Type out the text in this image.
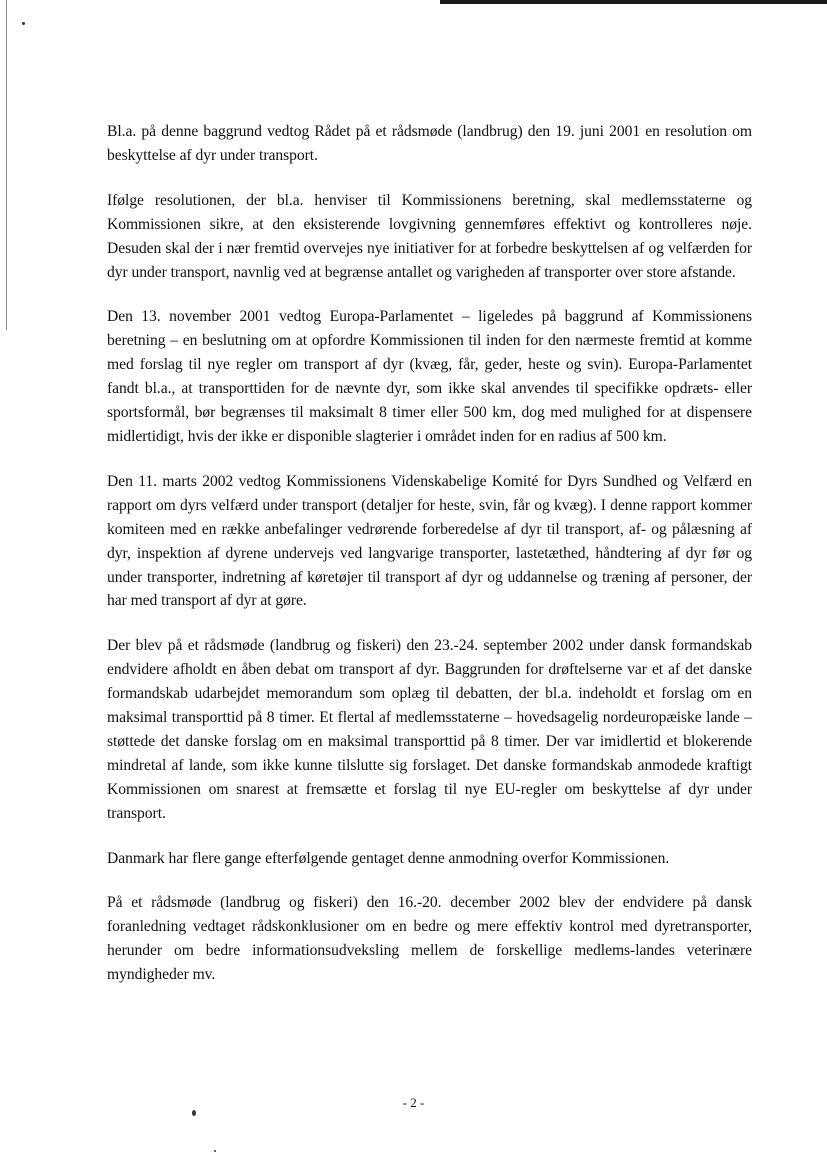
Bl.a. på denne baggrund vedtog Rådet på et rådsmøde (landbrug) den 19. juni 2001 en resolution om beskyttelse af dyr under transport.

Ifølge resolutionen, der bl.a. henviser til Kommissionens beretning, skal medlemsstaterne og Kommissionen sikre, at den eksisterende lovgivning gennemføres effektivt og kontrolleres nøje. Desuden skal der i nær fremtid overvejes nye initiativer for at forbedre beskyttelsen af og velfærden for dyr under transport, navnlig ved at begrænse antallet og varigheden af transporter over store afstande.

Den 13. november 2001 vedtog Europa-Parlamentet – ligeledes på baggrund af Kommissionens beretning – en beslutning om at opfordre Kommissionen til inden for den nærmeste fremtid at komme med forslag til nye regler om transport af dyr (kvæg, får, geder, heste og svin). Europa-Parlamentet fandt bl.a., at transporttiden for de nævnte dyr, som ikke skal anvendes til specifikke opdræts- eller sportsformål, bør begrænses til maksimalt 8 timer eller 500 km, dog med mulighed for at dispensere midlertidigt, hvis der ikke er disponible slagterier i området inden for en radius af 500 km.

Den 11. marts 2002 vedtog Kommissionens Videnskabelige Komité for Dyrs Sundhed og Velfærd en rapport om dyrs velfærd under transport (detaljer for heste, svin, får og kvæg). I denne rapport kommer komiteen med en række anbefalinger vedrørende forberedelse af dyr til transport, af- og pålæsning af dyr, inspektion af dyrene undervejs ved langvarige transporter, lastetæthed, håndtering af dyr før og under transporter, indretning af køretøjer til transport af dyr og uddannelse og træning af personer, der har med transport af dyr at gøre.

Der blev på et rådsmøde (landbrug og fiskeri) den 23.-24. september 2002 under dansk formandskab endvidere afholdt en åben debat om transport af dyr. Baggrunden for drøftelserne var et af det danske formandskab udarbejdet memorandum som oplæg til debatten, der bl.a. indeholdt et forslag om en maksimal transporttid på 8 timer. Et flertal af medlemsstaterne – hovedsagelig nordeuropæiske lande – støttede det danske forslag om en maksimal transporttid på 8 timer. Der var imidlertid et blokerende mindretal af lande, som ikke kunne tilslutte sig forslaget. Det danske formandskab anmodede kraftigt Kommissionen om snarest at fremsætte et forslag til nye EU-regler om beskyttelse af dyr under transport.

Danmark har flere gange efterfølgende gentaget denne anmodning overfor Kommissionen.

På et rådsmøde (landbrug og fiskeri) den 16.-20. december 2002 blev der endvidere på dansk foranledning vedtaget rådskonklusioner om en bedre og mere effektiv kontrol med dyretransporter, herunder om bedre informationsudveksling mellem de forskellige medlems-landes veterinære myndigheder mv.

- 2 -
